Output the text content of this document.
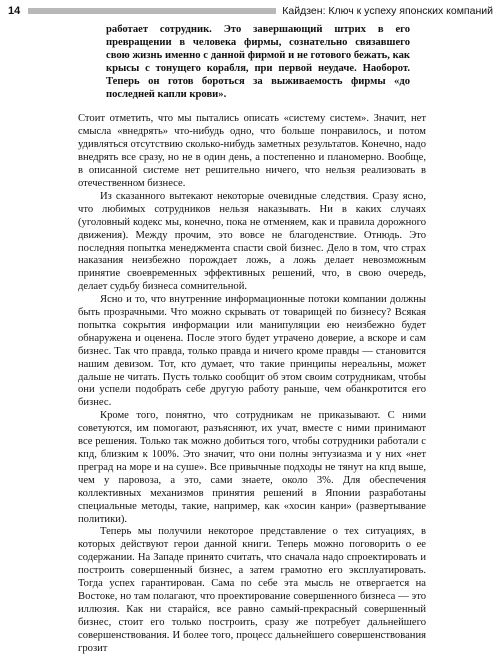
14	Кайдзен: Ключ к успеху японских компаний

работает сотрудник. Это завершающий штрих в его превращении в человека фирмы, сознательно связавшего свою жизнь именно с данной фирмой и не готового бежать, как крысы с тонущего корабля, при первой неудаче. Наоборот. Теперь он готов бороться за выживаемость фирмы «до последней капли крови».

Стоит отметить, что мы пытались описать «систему систем». Значит, нет смысла «внедрять» что-нибудь одно, что больше понравилось, и потом удивляться отсутствию сколько-нибудь заметных результатов. Конечно, надо внедрять все сразу, но не в один день, а постепенно и планомерно. Вообще, в описанной системе нет решительно ничего, что нельзя реализовать в отечественном бизнесе.

Из сказанного вытекают некоторые очевидные следствия. Сразу ясно, что любимых сотрудников нельзя наказывать. Ни в каких случаях (уголовный кодекс мы, конечно, пока не отменяем, как и правила дорожного движения). Между прочим, это вовсе не благоденствие. Отнюдь. Это последняя попытка менеджмента спасти свой бизнес. Дело в том, что страх наказания неизбежно порождает ложь, а ложь делает невозможным принятие своевременных эффективных решений, что, в свою очередь, делает судьбу бизнеса сомнительной.

Ясно и то, что внутренние информационные потоки компании должны быть прозрачными. Что можно скрывать от товарищей по бизнесу? Всякая попытка сокрытия информации или манипуляции ею неизбежно будет обнаружена и оценена. После этого будет утрачено доверие, а вскоре и сам бизнес. Так что правда, только правда и ничего кроме правды — становится нашим девизом. Тот, кто думает, что такие принципы нереальны, может дальше не читать. Пусть только сообщит об этом своим сотрудникам, чтобы они успели подобрать себе другую работу раньше, чем обанкротится его бизнес.

Кроме того, понятно, что сотрудникам не приказывают. С ними советуются, им помогают, разъясняют, их учат, вместе с ними принимают все решения. Только так можно добиться того, чтобы сотрудники работали с кпд, близким к 100%. Это значит, что они полны энтузиазма и у них «нет преград на море и на суше». Все привычные подходы не тянут на кпд выше, чем у паровоза, а это, сами знаете, около 3%. Для обеспечения коллективных механизмов принятия решений в Японии разработаны специальные методы, такие, например, как «хосин канри» (развертывание политики).

Теперь мы получили некоторое представление о тех ситуациях, в которых действуют герои данной книги. Теперь можно поговорить о ее содержании. На Западе принято считать, что сначала надо спроектировать и построить совершенный бизнес, а затем грамотно его эксплуатировать. Тогда успех гарантирован. Сама по себе эта мысль не отвергается на Востоке, но там полагают, что проектирование совершенного бизнеса — это иллюзия. Как ни старайся, все равно самый-прекрасный совершенный бизнес, стоит его только построить, сразу же потребует дальнейшего совершенствования. И более того, процесс дальнейшего совершенствования грозит
